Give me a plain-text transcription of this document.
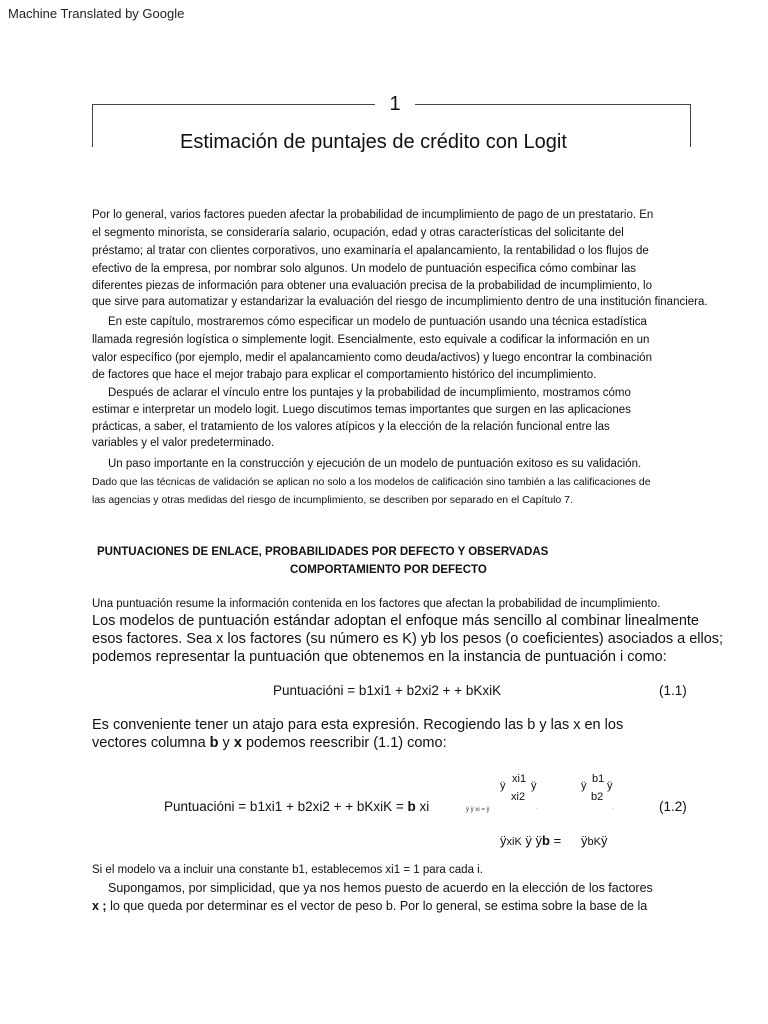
Machine Translated by Google
1
Estimación de puntajes de crédito con Logit
Por lo general, varios factores pueden afectar la probabilidad de incumplimiento de pago de un prestatario. En
el segmento minorista, se consideraría salario, ocupación, edad y otras características del solicitante del
préstamo; al tratar con clientes corporativos, uno examinaría el apalancamiento, la rentabilidad o los flujos de
efectivo de la empresa, por nombrar solo algunos. Un modelo de puntuación especifica cómo combinar las
diferentes piezas de información para obtener una evaluación precisa de la probabilidad de incumplimiento, lo
que sirve para automatizar y estandarizar la evaluación del riesgo de incumplimiento dentro de una institución financiera.
En este capítulo, mostraremos cómo especificar un modelo de puntuación usando una técnica estadística
llamada regresión logística o simplemente logit. Esencialmente, esto equivale a codificar la información en un
valor específico (por ejemplo, medir el apalancamiento como deuda/activos) y luego encontrar la combinación
de factores que hace el mejor trabajo para explicar el comportamiento histórico del incumplimiento.
Después de aclarar el vínculo entre los puntajes y la probabilidad de incumplimiento, mostramos cómo
estimar e interpretar un modelo logit. Luego discutimos temas importantes que surgen en las aplicaciones
prácticas, a saber, el tratamiento de los valores atípicos y la elección de la relación funcional entre las
variables y el valor predeterminado.
Un paso importante en la construcción y ejecución de un modelo de puntuación exitoso es su validación.
Dado que las técnicas de validación se aplican no solo a los modelos de calificación sino también a las calificaciones de
las agencias y otras medidas del riesgo de incumplimiento, se describen por separado en el Capítulo 7.
PUNTUACIONES DE ENLACE, PROBABILIDADES POR DEFECTO Y OBSERVADAS
COMPORTAMIENTO POR DEFECTO
Una puntuación resume la información contenida en los factores que afectan la probabilidad de incumplimiento.
Los modelos de puntuación estándar adoptan el enfoque más sencillo al combinar linealmente
esos factores. Sea x los factores (su número es K) yb los pesos (o coeficientes) asociados a ellos;
podemos representar la puntuación que obtenemos en la instancia de puntuación i como:
Puntuacióni = b1xi1 + b2xi2 + + bKxiK	(1.1)
Es conveniente tener un atajo para esta expresión. Recogiendo las b y las x en los
vectores columna b y x podemos reescribir (1.1) como:
ÿ
xi1
ÿ
xi2
ÿ
b1
ÿ
b2
Puntuacióni = b1xi1 + b2xi2 + + bKxiK = b xi	ÿ ÿ xi = ÿ	·	·	(1.2)
ÿxiK ÿ ÿb = ÿbKÿ
Si el modelo va a incluir una constante b1, establecemos xi1 = 1 para cada i.
Supongamos, por simplicidad, que ya nos hemos puesto de acuerdo en la elección de los factores
x ; lo que queda por determinar es el vector de peso b. Por lo general, se estima sobre la base de la
